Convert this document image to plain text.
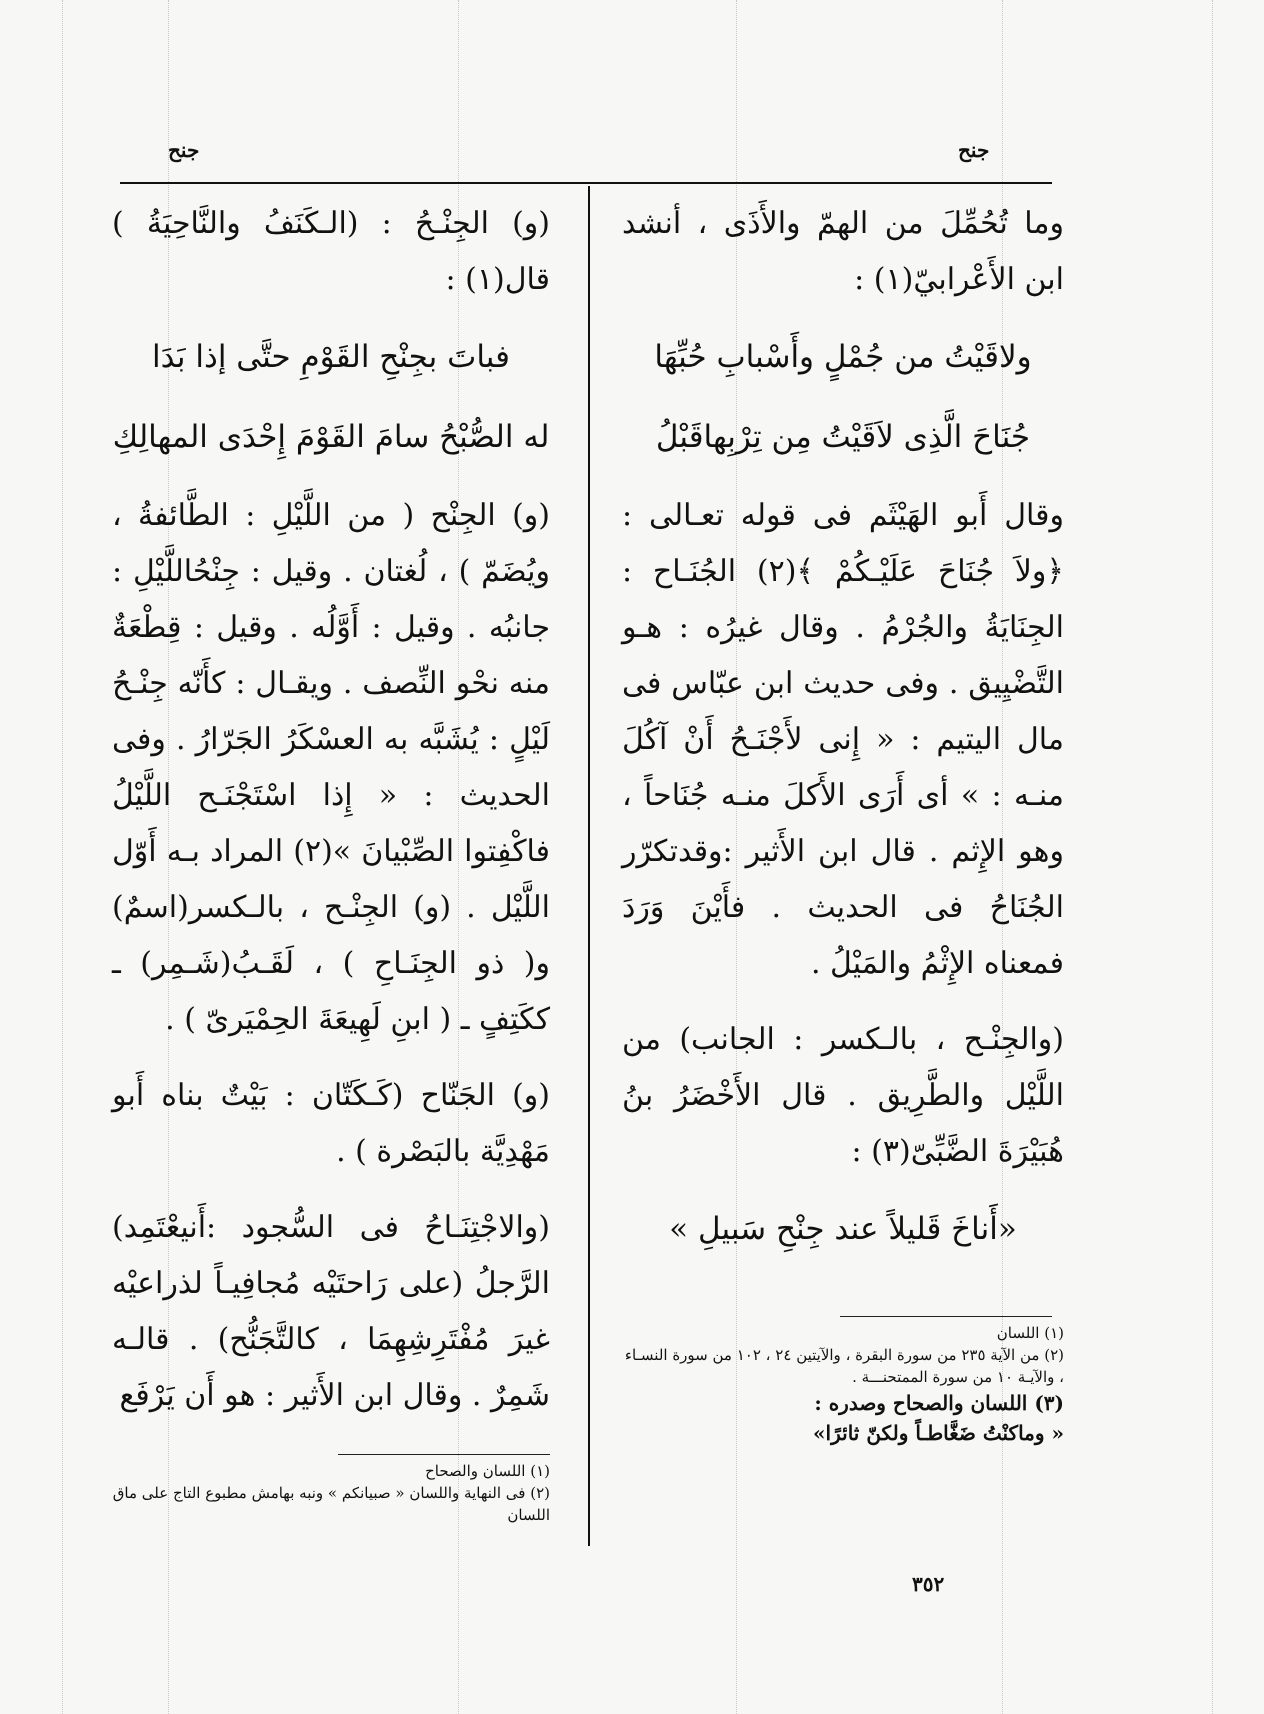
جنح
جنح

وما تُحُمِّلَ من الهمّ والأَذَى ، أنشد ابن الأَعْرابيّ(١) :

ولاقَيْتُ من جُمْلٍ وأَسْبابِ حُبِّهَا

جُنَاحَ الَّذِى لاَقَيْتُ مِن تِرْبِهاقَبْلُ

وقال أَبو الهَيْثَم فى قوله تعـالى : ﴿ولاَ جُنَاحَ عَلَيْـكُمْ ﴾(٢) الجُنَـاح : الجِنَايَةُ والجُرْمُ . وقال غيرُه : هـو التَّضْيِيق . وفى حديث ابن عبّاس فى مال اليتيم : « إِنى لأَجْنَـحُ أَنْ آكُلَ منـه : » أى أَرَى الأَكلَ منـه جُنَاحاً ، وهو الإِثم . قال ابن الأَثير :وقدتكرّر الجُنَاحُ فى الحديث . فأَيْنَ وَرَدَ فمعناه الإِثْمُ والمَيْلُ .

(والجِنْـح ، بالـكسر : الجانب) من اللَّيْل والطَّرِيق . قال الأَخْضَرُ بنُ هُبَيْرَةَ الضَّبِّىّ(٣) :

«أَناخَ قَليلاً عند جِنْحِ سَبيلِ »

(١) اللسان
(٢) من الآية ٢٣٥ من سورة البقرة ، والآيتين ٢٤ ، ١٠٢ من سورة النسـاء ، والآيـة ١٠ من سورة الممتحنـــة .
(٣) اللسان والصحاح وصدره :
« وماكنْتُ ضَغَّاطـاً ولكنّ ثائرًا»

(و) الجِنْـحُ : (الـكَنَفُ والنَّاحِيَةُ ) قال(١) :

فباتَ بجِنْحِ القَوْمِ حتَّى إذا بَدَا

له الصُّبْحُ سامَ القَوْمَ إِحْدَى المهالِكِ

(و) الجِنْح ( من اللَّيْلِ : الطَّائفةُ ، ويُضَمّ ) ، لُغتان . وقيل : جِنْحُاللَّيْلِ : جانبُه . وقيل : أَوَّلُه . وقيل : قِطْعَةٌ منه نحْو النِّصف . ويقـال : كأَنّه جِنْـحُ لَيْلٍ : يُشَبَّه به العسْكَرُ الجَرّارُ . وفى الحديث : « إِذا اسْتَجْنَـح اللَّيْلُ فاكْفِتوا الصِّبْيانَ »(٢) المراد بـه أَوّل اللَّيْل . (و) الجِنْـح ، بالـكسر(اسمٌ) و( ذو الجِنَـاحِ ) ، لَقَـبُ(شَـمِر) ـ ككَتِفٍ ـ ( ابنِ لَهِيعَةَ الحِمْيَرىّ ) .

(و) الجَنّاح (كَـكَتّان : بَيْتٌ بناه أَبو مَهْدِيَّة بالبَصْرة ) .

(والاجْتِنَـاحُ فى السُّجود :أَنيعْتَمِد) الرَّجلُ (على رَاحتَيْه مُجافِيـاً لذراعيْه غيرَ مُفْتَرِشِهِمَا ، كالتَّجَنُّح) . قالـه شَمِرٌ . وقال ابن الأَثير : هو أَن يَرْفَع

(١) اللسان والصحاح
(٢) فى النهاية واللسان « صبيانكم » ونبه بهامش مطبوع التاج على ماق اللسان
٣٥٢
